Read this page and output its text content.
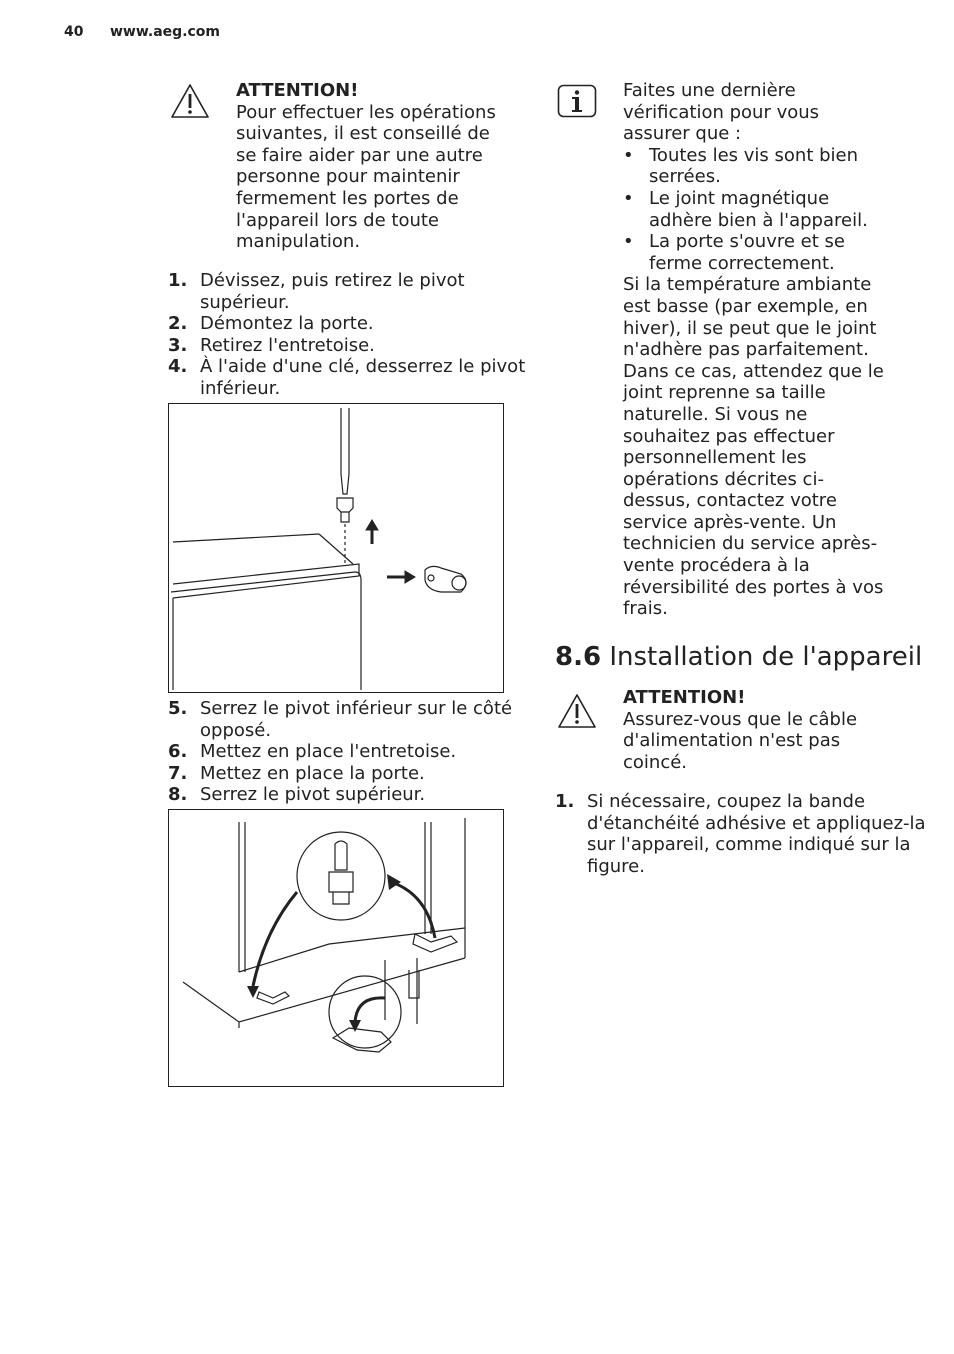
40 www.aeg.com
ATTENTION!
Pour effectuer les opérations
suivantes, il est conseillé de
se faire aider par une autre
personne pour maintenir
fermement les portes de
l'appareil lors de toute
manipulation.
1. Dévissez, puis retirez le pivot
supérieur.
2. Démontez la porte.
3. Retirez l'entretoise.
4. À l'aide d'une clé, desserrez le pivot
inférieur.
5. Serrez le pivot inférieur sur le côté
opposé.
6. Mettez en place l'entretoise.
7. Mettez en place la porte.
8. Serrez le pivot supérieur.
Faites une dernière
vérification pour vous
assurer que :
• Toutes les vis sont bien
serrées.
• Le joint magnétique
adhère bien à l'appareil.
• La porte s'ouvre et se
ferme correctement.
Si la température ambiante
est basse (par exemple, en
hiver), il se peut que le joint
n'adhère pas parfaitement.
Dans ce cas, attendez que le
joint reprenne sa taille
naturelle. Si vous ne
souhaitez pas effectuer
personnellement les
opérations décrites ci-
dessus, contactez votre
service après-vente. Un
technicien du service après-
vente procédera à la
réversibilité des portes à vos
frais.
8.6 Installation de l'appareil
ATTENTION!
Assurez-vous que le câble
d'alimentation n'est pas
coincé.
1. Si nécessaire, coupez la bande
d'étanchéité adhésive et appliquez-la
sur l'appareil, comme indiqué sur la
figure.
